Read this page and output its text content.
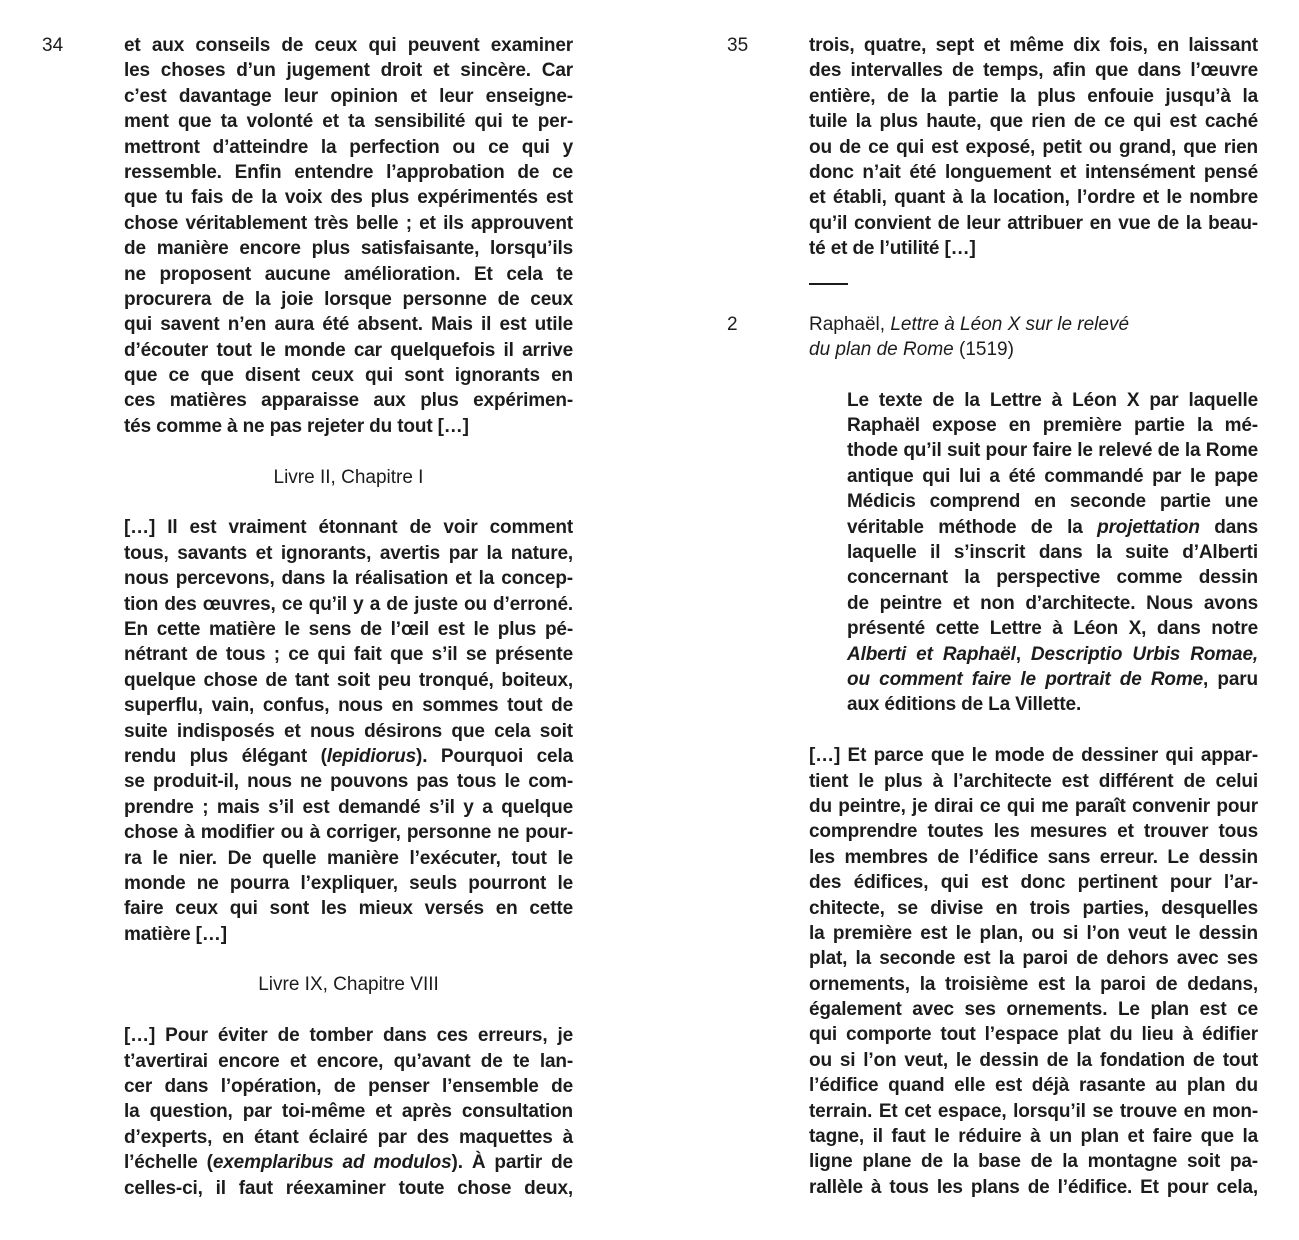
34	et aux conseils de ceux qui peuvent examiner
les choses d’un jugement droit et sincère. Car
c’est davantage leur opinion et leur enseigne-
ment que ta volonté et ta sensibilité qui te per-
mettront d’atteindre la perfection ou ce qui y
ressemble. Enfin entendre l’approbation de ce
que tu fais de la voix des plus expérimentés est
chose véritablement très belle ; et ils approuvent
de manière encore plus satisfaisante, lorsqu’ils
ne proposent aucune amélioration. Et cela te
procurera de la joie lorsque personne de ceux
qui savent n’en aura été absent. Mais il est utile
d’écouter tout le monde car quelquefois il arrive
que ce que disent ceux qui sont ignorants en
ces matières apparaisse aux plus expérimen-
tés comme à ne pas rejeter du tout […]
Livre II, Chapitre I
[…] Il est vraiment étonnant de voir comment
tous, savants et ignorants, avertis par la nature,
nous percevons, dans la réalisation et la concep-
tion des œuvres, ce qu’il y a de juste ou d’erroné.
En cette matière le sens de l’œil est le plus pé-
nétrant de tous ; ce qui fait que s’il se présente
quelque chose de tant soit peu tronqué, boiteux,
superflu, vain, confus, nous en sommes tout de
suite indisposés et nous désirons que cela soit
rendu plus élégant (lepidiorus). Pourquoi cela
se produit-il, nous ne pouvons pas tous le com-
prendre ; mais s’il est demandé s’il y a quelque
chose à modifier ou à corriger, personne ne pour-
ra le nier. De quelle manière l’exécuter, tout le
monde ne pourra l’expliquer, seuls pourront le
faire ceux qui sont les mieux versés en cette
matière […]
Livre IX, Chapitre VIII
[…] Pour éviter de tomber dans ces erreurs, je
t’avertirai encore et encore, qu’avant de te lan-
cer dans l’opération, de penser l’ensemble de
la question, par toi-même et après consultation
d’experts, en étant éclairé par des maquettes à
l’échelle (exemplaribus ad modulos). À partir de
celles-ci, il faut réexaminer toute chose deux,
35	trois, quatre, sept et même dix fois, en laissant
des intervalles de temps, afin que dans l’œuvre
entière, de la partie la plus enfouie jusqu’à la
tuile la plus haute, que rien de ce qui est caché
ou de ce qui est exposé, petit ou grand, que rien
donc n’ait été longuement et intensément pensé
et établi, quant à la location, l’ordre et le nombre
qu’il convient de leur attribuer en vue de la beau-
té et de l’utilité […]
2	Raphaël, Lettre à Léon X sur le relevé
du plan de Rome (1519)
Le texte de la Lettre à Léon X par laquelle
Raphaël expose en première partie la mé-
thode qu’il suit pour faire le relevé de la Rome
antique qui lui a été commandé par le pape
Médicis comprend en seconde partie une
véritable méthode de la projettation dans
laquelle il s’inscrit dans la suite d’Alberti
concernant la perspective comme dessin
de peintre et non d’architecte. Nous avons
présenté cette Lettre à Léon X, dans notre
Alberti et Raphaël, Descriptio Urbis Romae,
ou comment faire le portrait de Rome, paru
aux éditions de La Villette.
[…] Et parce que le mode de dessiner qui appar-
tient le plus à l’architecte est différent de celui
du peintre, je dirai ce qui me paraît convenir pour
comprendre toutes les mesures et trouver tous
les membres de l’édifice sans erreur. Le dessin
des édifices, qui est donc pertinent pour l’ar-
chitecte, se divise en trois parties, desquelles
la première est le plan, ou si l’on veut le dessin
plat, la seconde est la paroi de dehors avec ses
ornements, la troisième est la paroi de dedans,
également avec ses ornements. Le plan est ce
qui comporte tout l’espace plat du lieu à édifier
ou si l’on veut, le dessin de la fondation de tout
l’édifice quand elle est déjà rasante au plan du
terrain. Et cet espace, lorsqu’il se trouve en mon-
tagne, il faut le réduire à un plan et faire que la
ligne plane de la base de la montagne soit pa-
rallèle à tous les plans de l’édifice. Et pour cela,
